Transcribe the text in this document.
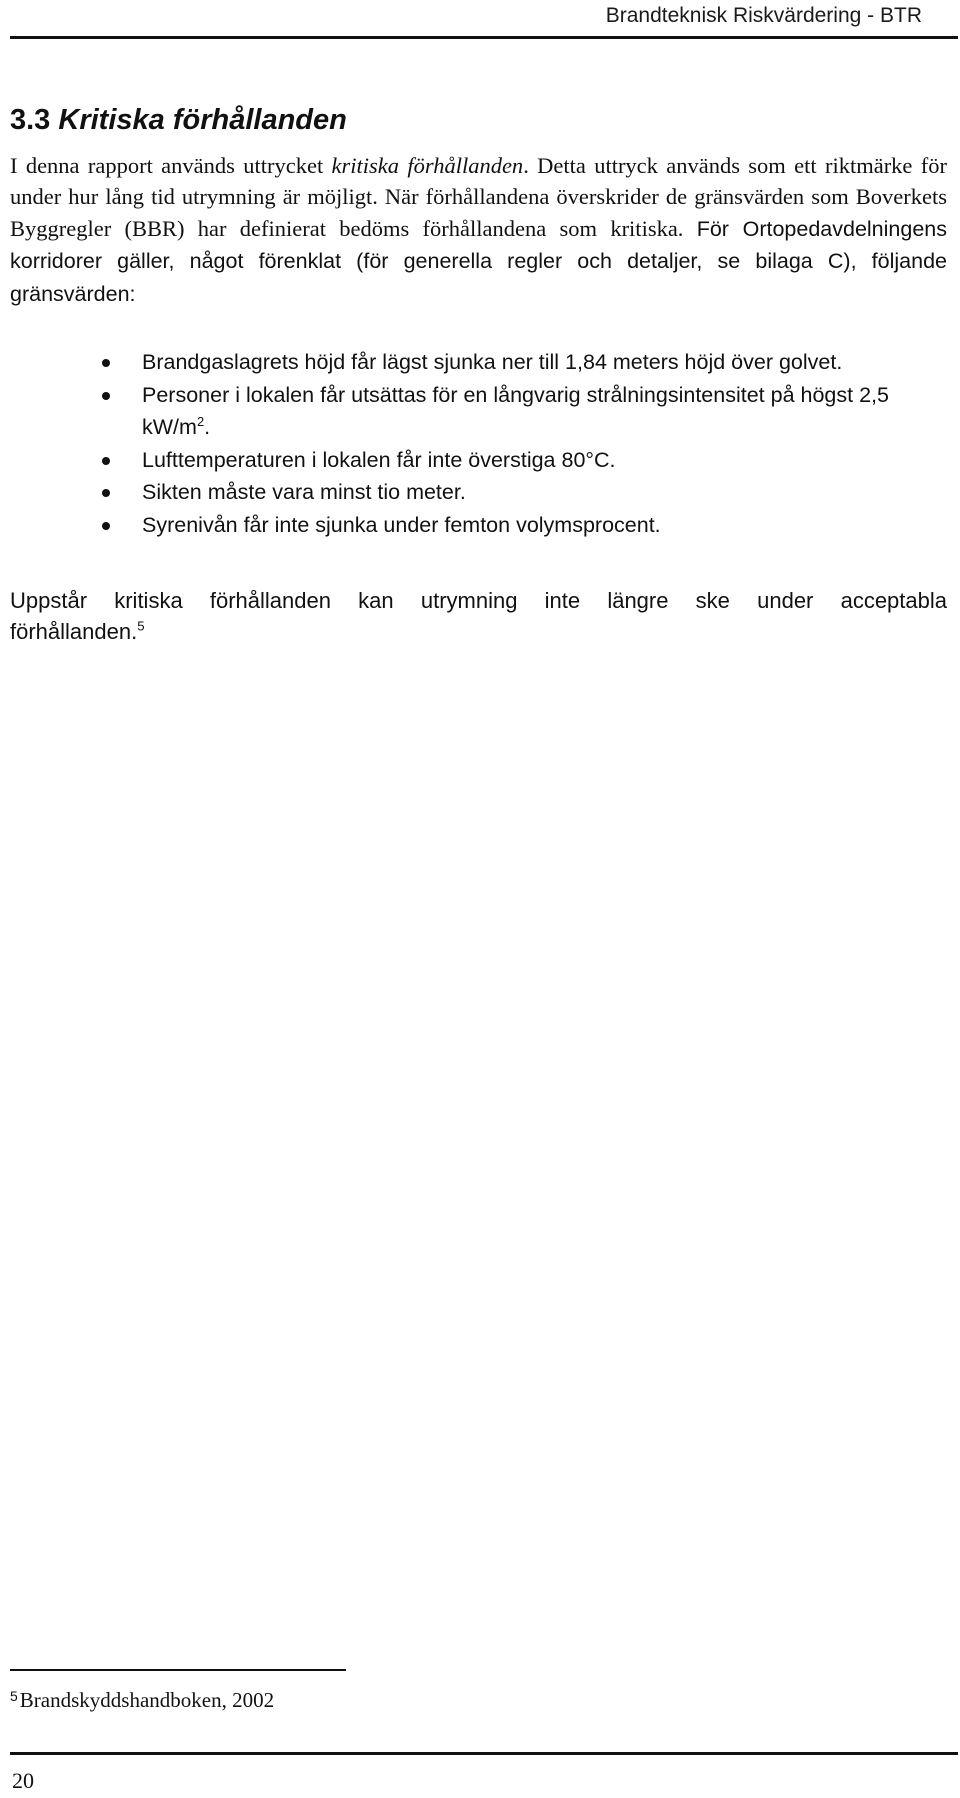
Brandteknisk Riskvärdering - BTR
3.3 Kritiska förhållanden

I denna rapport används uttrycket kritiska förhållanden. Detta uttryck används som ett riktmärke för under hur lång tid utrymning är möjligt. När förhållandena överskrider de gränsvärden som Boverkets Byggregler (BBR) har definierat bedöms förhållandena som kritiska. För Ortopedavdelningens korridorer gäller, något förenklat (för generella regler och detaljer, se bilaga C), följande gränsvärden:

Brandgaslagrets höjd får lägst sjunka ner till 1,84 meters höjd över golvet.
Personer i lokalen får utsättas för en långvarig strålningsintensitet på högst 2,5 $kW/m^2$.
Lufttemperaturen i lokalen får inte överstiga 80°C.
Sikten måste vara minst tio meter.
Syrenivån får inte sjunka under femton volymsprocent.

Uppstår kritiska förhållanden kan utrymning inte längre ske under acceptabla förhållanden.$^5$

$^5$Brandskyddshandboken, 2002
20
